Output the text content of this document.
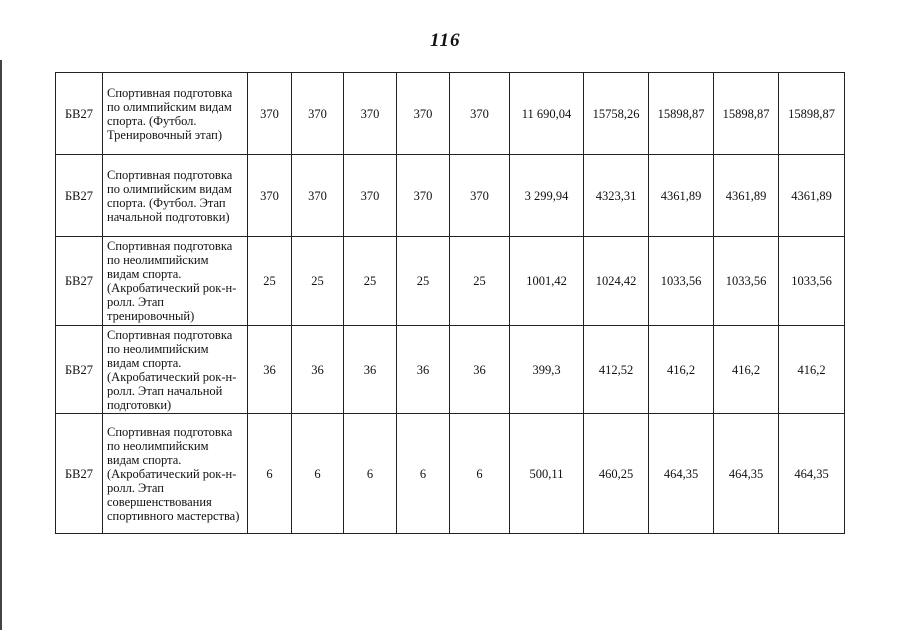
116
БВ27	Спортивная подготовка по олимпийским видам спорта. (Футбол. Тренировочный этап)	370	370	370	370	370	11 690,04	15758,26	15898,87	15898,87	15898,87
БВ27	Спортивная подготовка по олимпийским видам спорта. (Футбол. Этап начальной подготовки)	370	370	370	370	370	3 299,94	4323,31	4361,89	4361,89	4361,89
БВ27	Спортивная подготовка по неолимпийским видам спорта. (Акробатический рок-н-ролл. Этап тренировочный)	25	25	25	25	25	1001,42	1024,42	1033,56	1033,56	1033,56
БВ27	Спортивная подготовка по неолимпийским видам спорта. (Акробатический рок-н-ролл. Этап начальной подготовки)	36	36	36	36	36	399,3	412,52	416,2	416,2	416,2
БВ27	Спортивная подготовка по неолимпийским видам спорта. (Акробатический рок-н-ролл. Этап совершенствования спортивного мастерства)	6	6	6	6	6	500,11	460,25	464,35	464,35	464,35
